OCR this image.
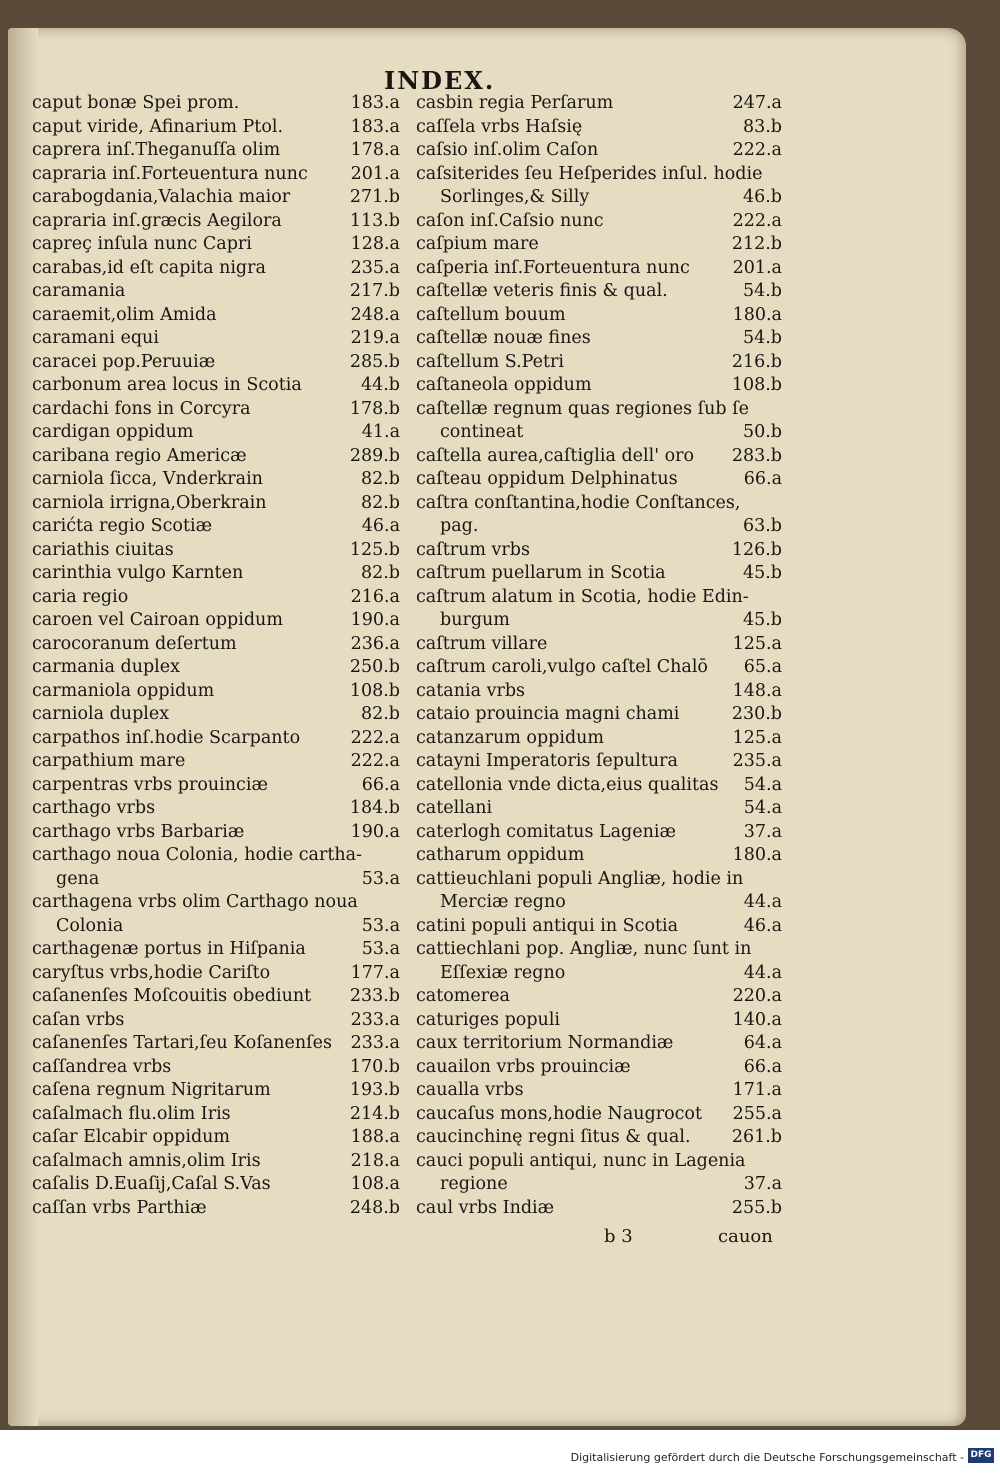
INDEX.
caput bonæ Spei prom.	183.a
caput viride, Afinarium Ptol.	183.a
caprera inſ.Theganuſſa olim	178.a
capraria inſ.Forteuentura nunc	201.a
carabogdania,Valachia maior	271.b
capraria inſ.græcis Aegilora	113.b
capreç inſula nunc Capri	128.a
carabas,id eſt capita nigra	235.a
caramania	217.b
caraemit,olim Amida	248.a
caramani equi	219.a
caracei pop.Peruuiæ	285.b
carbonum area locus in Scotia	44.b
cardachi fons in Corcyra	178.b
cardigan oppidum	41.a
caribana regio Americæ	289.b
carniola ſicca, Vnderkrain	82.b
carniola irrigna,Oberkrain	82.b
carićta regio Scotiæ	46.a
cariathis ciuitas	125.b
carinthia vulgo Karnten	82.b
caria regio	216.a
caroen vel Cairoan oppidum	190.a
carocoranum deſertum	236.a
carmania duplex	250.b
carmaniola oppidum	108.b
carniola duplex	82.b
carpathos inſ.hodie Scarpanto	222.a
carpathium mare	222.a
carpentras vrbs prouinciæ	66.a
carthago vrbs	184.b
carthago vrbs Barbariæ	190.a
carthago noua Colonia, hodie cartha-
gena	53.a
carthagena vrbs olim Carthago noua
Colonia	53.a
carthagenæ portus in Hiſpania	53.a
caryſtus vrbs,hodie Cariſto	177.a
caſanenſes Moſcouitis obediunt	233.b
caſan vrbs	233.a
caſanenſes Tartari,ſeu Koſanenſes	233.a
caſſandrea vrbs	170.b
caſena regnum Nigritarum	193.b
caſalmach flu.olim Iris	214.b
caſar Elcabir oppidum	188.a
caſalmach amnis,olim Iris	218.a
caſalis D.Euaſij,Caſal S.Vas	108.a
caſſan vrbs Parthiæ	248.b
casbin regia Perſarum	247.a
caſſela vrbs Haſsię	83.b
caſsio inſ.olim Caſon	222.a
caſsiterides ſeu Heſperides inſul. hodie
Sorlinges,& Silly	46.b
caſon inſ.Caſsio nunc	222.a
caſpium mare	212.b
caſperia inſ.Forteuentura nunc	201.a
caſtellæ veteris finis & qual.	54.b
caſtellum bouum	180.a
caſtellæ nouæ fines	54.b
caſtellum S.Petri	216.b
caſtaneola oppidum	108.b
caſtellæ regnum quas regiones ſub ſe
contineat	50.b
caſtella aurea,caſtiglia dell' oro	283.b
caſteau oppidum Delphinatus	66.a
caſtra conſtantina,hodie Conſtances,
pag.	63.b
caſtrum vrbs	126.b
caſtrum puellarum in Scotia	45.b
caſtrum alatum in Scotia, hodie Edin-
burgum	45.b
caſtrum villare	125.a
caſtrum caroli,vulgo caſtel Chalō	65.a
catania vrbs	148.a
cataio prouincia magni chami	230.b
catanzarum oppidum	125.a
catayni Imperatoris ſepultura	235.a
catellonia vnde dicta,eius qualitas	54.a
catellani	54.a
caterlogh comitatus Lageniæ	37.a
catharum oppidum	180.a
cattieuchlani populi Angliæ, hodie in
Merciæ regno	44.a
catini populi antiqui in Scotia	46.a
cattiechlani pop. Angliæ, nunc ſunt in
Eſſexiæ regno	44.a
catomerea	220.a
caturiges populi	140.a
caux territorium Normandiæ	64.a
cauailon vrbs prouinciæ	66.a
caualla vrbs	171.a
caucaſus mons,hodie Naugrocot	255.a
caucinchinę regni ſitus & qual.	261.b
cauci populi antiqui, nunc in Lagenia
regione	37.a
caul vrbs Indiæ	255.b
b 3	cauon
Digitalisierung gefördert durch die Deutsche Forschungsgemeinschaft - DFG
